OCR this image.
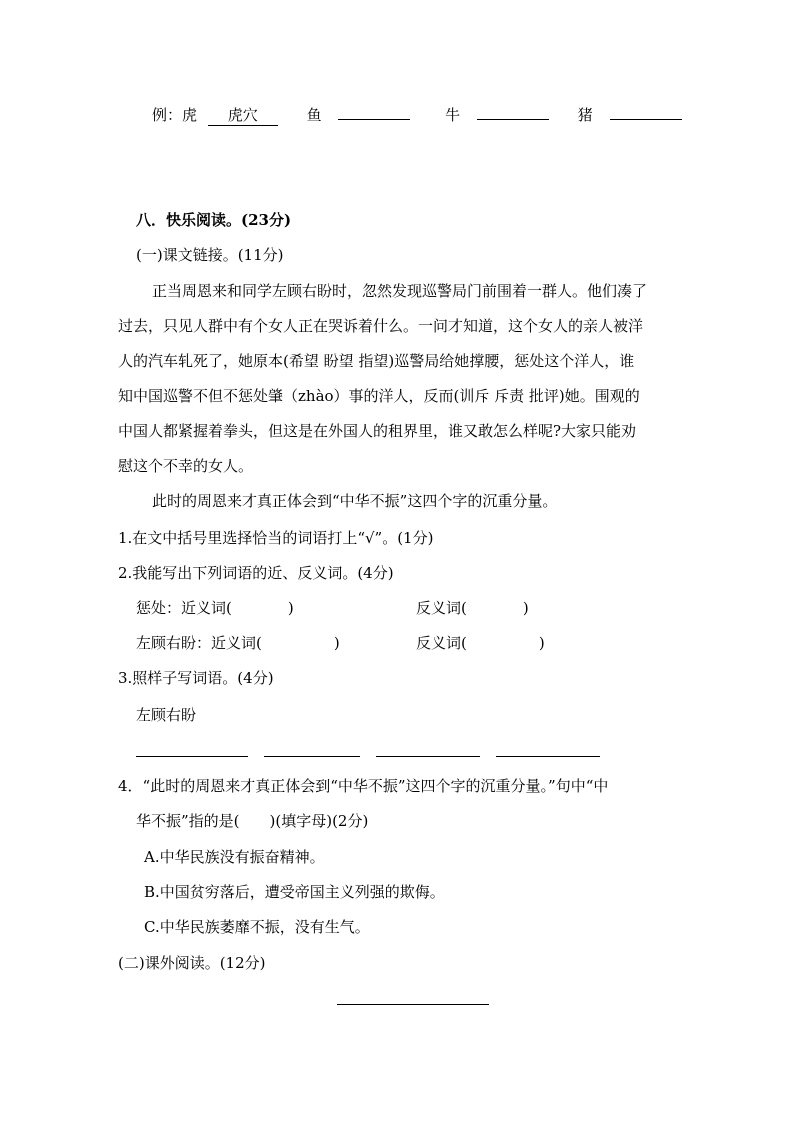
例：虎 虎穴	鱼	牛	猪
八．快乐阅读。(23分)
(一)课文链接。(11分)
正当周恩来和同学左顾右盼时，忽然发现巡警局门前围着一群人。他们凑了
过去，只见人群中有个女人正在哭诉着什么。一问才知道，这个女人的亲人被洋
人的汽车轧死了，她原本(希望 盼望 指望)巡警局给她撑腰，惩处这个洋人，谁
知中国巡警不但不惩处肇（zhào）事的洋人，反而(训斥 斥责 批评)她。围观的
中国人都紧握着拳头，但这是在外国人的租界里，谁又敢怎么样呢?大家只能劝
慰这个不幸的女人。
此时的周恩来才真正体会到“中华不振”这四个字的沉重分量。
1.在文中括号里选择恰当的词语打上“√”。(1分)
2.我能写出下列词语的近、反义词。(4分)
惩处：近义词(	)	反义词(	)
左顾右盼：近义词(	)	反义词(	)
3.照样子写词语。(4分)
左顾右盼
4．“此时的周恩来才真正体会到“中华不振”这四个字的沉重分量。”句中“中
华不振”指的是(　　)(填字母)(2分)
A.中华民族没有振奋精神。
B.中国贫穷落后，遭受帝国主义列强的欺侮。
C.中华民族萎靡不振，没有生气。
(二)课外阅读。(12分)
